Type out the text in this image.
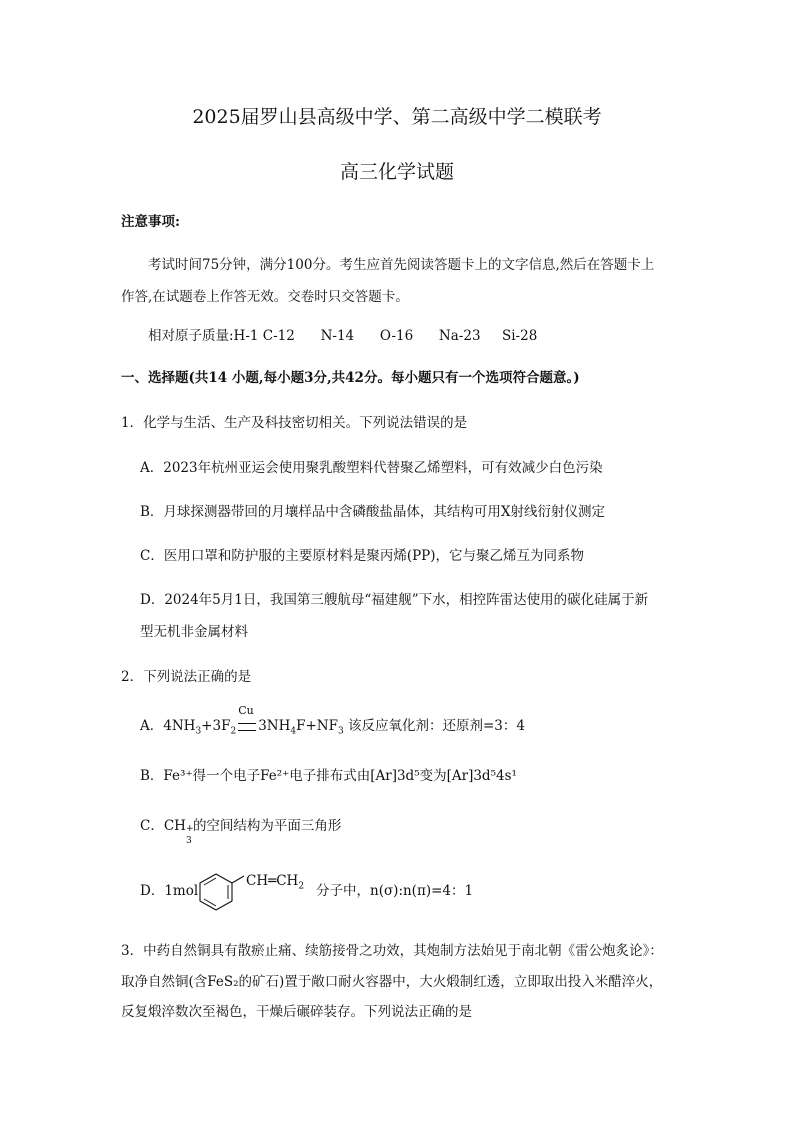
2025届罗山县高级中学、第二高级中学二模联考
高三化学试题
注意事项:
考试时间75分钟，满分100分。考生应首先阅读答题卡上的文字信息,然后在答题卡上
作答,在试题卷上作答无效。交卷时只交答题卡。
相对原子质量:H-1 C-12      N-14      O-16      Na-23     Si-28
一、选择题(共14 小题,每小题3分,共42分。每小题只有一个选项符合题意。)
1．化学与生活、生产及科技密切相关。下列说法错误的是
A．2023年杭州亚运会使用聚乳酸塑料代替聚乙烯塑料，可有效减少白色污染
B．月球探测器带回的月壤样品中含磷酸盐晶体，其结构可用X射线衍射仪测定
C．医用口罩和防护服的主要原材料是聚丙烯(PP)，它与聚乙烯互为同系物
D．2024年5月1日，我国第三艘航母“福建舰”下水，相控阵雷达使用的碳化硅属于新
型无机非金属材料
2．下列说法正确的是
A．$4NH_3+3F_2$
Cu
$3NH_4F+NF_3$ 该反应氧化剂：还原剂=3：4
B．Fe³⁺得一个电子Fe²⁺电子排布式由[Ar]3d⁵变为[Ar]3d⁵4s¹
C．CH +
3
的空间结构为平面三角形
D．1mol
$CH═CH_2$ 分子中，n(σ):n(π)=4：1
3．中药自然铜具有散瘀止痛、续筋接骨之功效，其炮制方法始见于南北朝《雷公炮炙论》：
取净自然铜(含FeS₂的矿石)置于敞口耐火容器中，大火煅制红透，立即取出投入米醋淬火，
反复煅淬数次至褐色，干燥后碾碎装存。下列说法正确的是
